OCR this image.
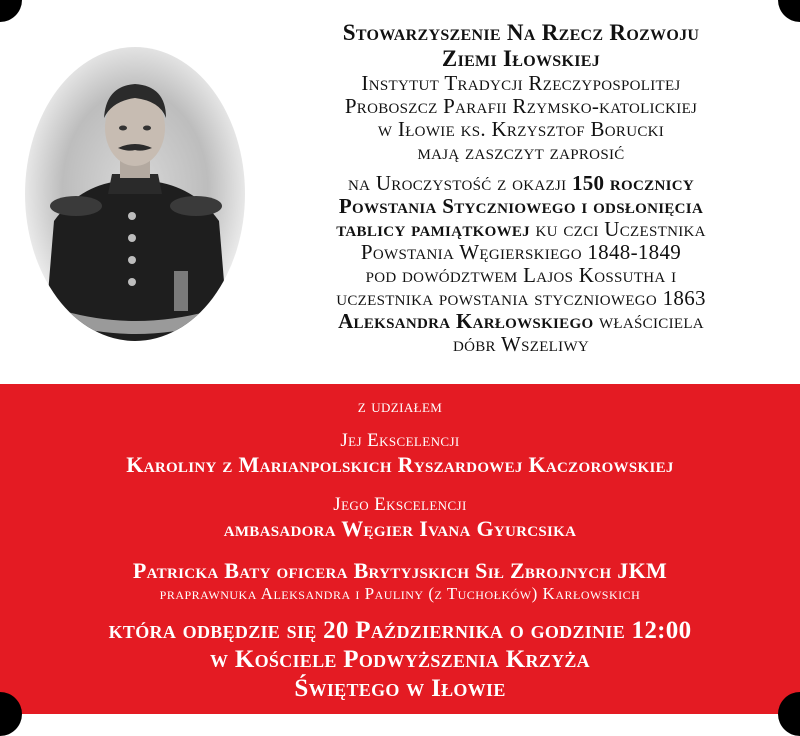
Stowarzyszenie Na Rzecz Rozwoju
Ziemi Iłowskiej
Instytut Tradycji Rzeczypospolitej
Proboszcz Parafii Rzymsko-katolickiej
w Iłowie ks. Krzysztof Borucki
mają zaszczyt zaprosić
na Uroczystość z okazji 150 rocznicy
Powstania Styczniowego i odsłonięcia
tablicy pamiątkowej ku czci Uczestnika
Powstania Węgierskiego 1848-1849
pod dowództwem Lajos Kossutha i
uczestnika powstania styczniowego 1863
Aleksandra Karłowskiego właściciela
dóbr Wszeliwy
z udziałem
Jej Ekscelencji
Karoliny z Marianpolskich Ryszardowej Kaczorowskiej
Jego Ekscelencji
ambasadora Węgier Ivana Gyurcsika
Patricka Baty oficera Brytyjskich Sił Zbrojnych JKM
praprawnuka Aleksandra i Pauliny (z Tuchołków) Karłowskich
która odbędzie się 20 Października o godzinie 12:00
w Kościele Podwyższenia Krzyża
Świętego w Iłowie
